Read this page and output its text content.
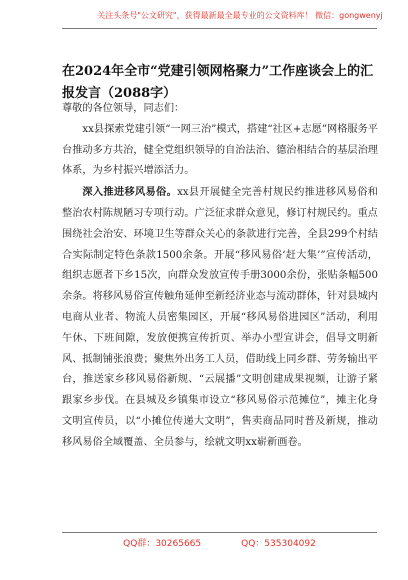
关注头条号"公文研究"，获得最新最全最专业的公文资料库！ 微信：gongwenyj
在2024年全市“党建引领网格聚力”工作座谈会上的汇报发言（2088字）

尊敬的各位领导，同志们：

xx县探索党建引领“一网三治”模式，搭建“社区+志愿”网格服务平台推动多方共治，健全党组织领导的自治法治、德治相结合的基层治理体系，为乡村振兴增添活力。

深入推进移风易俗。xx县开展健全完善村规民约推进移风易俗和整治农村陈规陋习专项行动。广泛征求群众意见，修订村规民约。重点围绕社会治安、环境卫生等群众关心的条款进行完善，全县299个村结合实际制定特色条款1500余条。开展“移风易俗‘赶大集’”宣传活动，组织志愿者下乡15次，向群众发放宣传手册3000余份，张贴条幅500余条。将移风易俗宣传触角延伸至新经济业态与流动群体，针对县城内电商从业者、物流人员密集园区，开展“移风易俗进园区”活动，利用午休、下班间隙，发放便携宣传折页、举办小型宣讲会，倡导文明新风、抵制铺张浪费；聚焦外出务工人员，借助线上同乡群、劳务输出平台，推送家乡移风易俗新规、“云展播”文明创建成果视频，让游子紧跟家乡步伐。在县城及乡镇集市设立“移风易俗示范摊位”，摊主化身文明宣传员，以“小摊位传递大文明”，售卖商品同时普及新规，推动移风易俗全域覆盖、全员参与，绘就文明xx崭新画卷。

QQ群：30265665	QQ：535304092
